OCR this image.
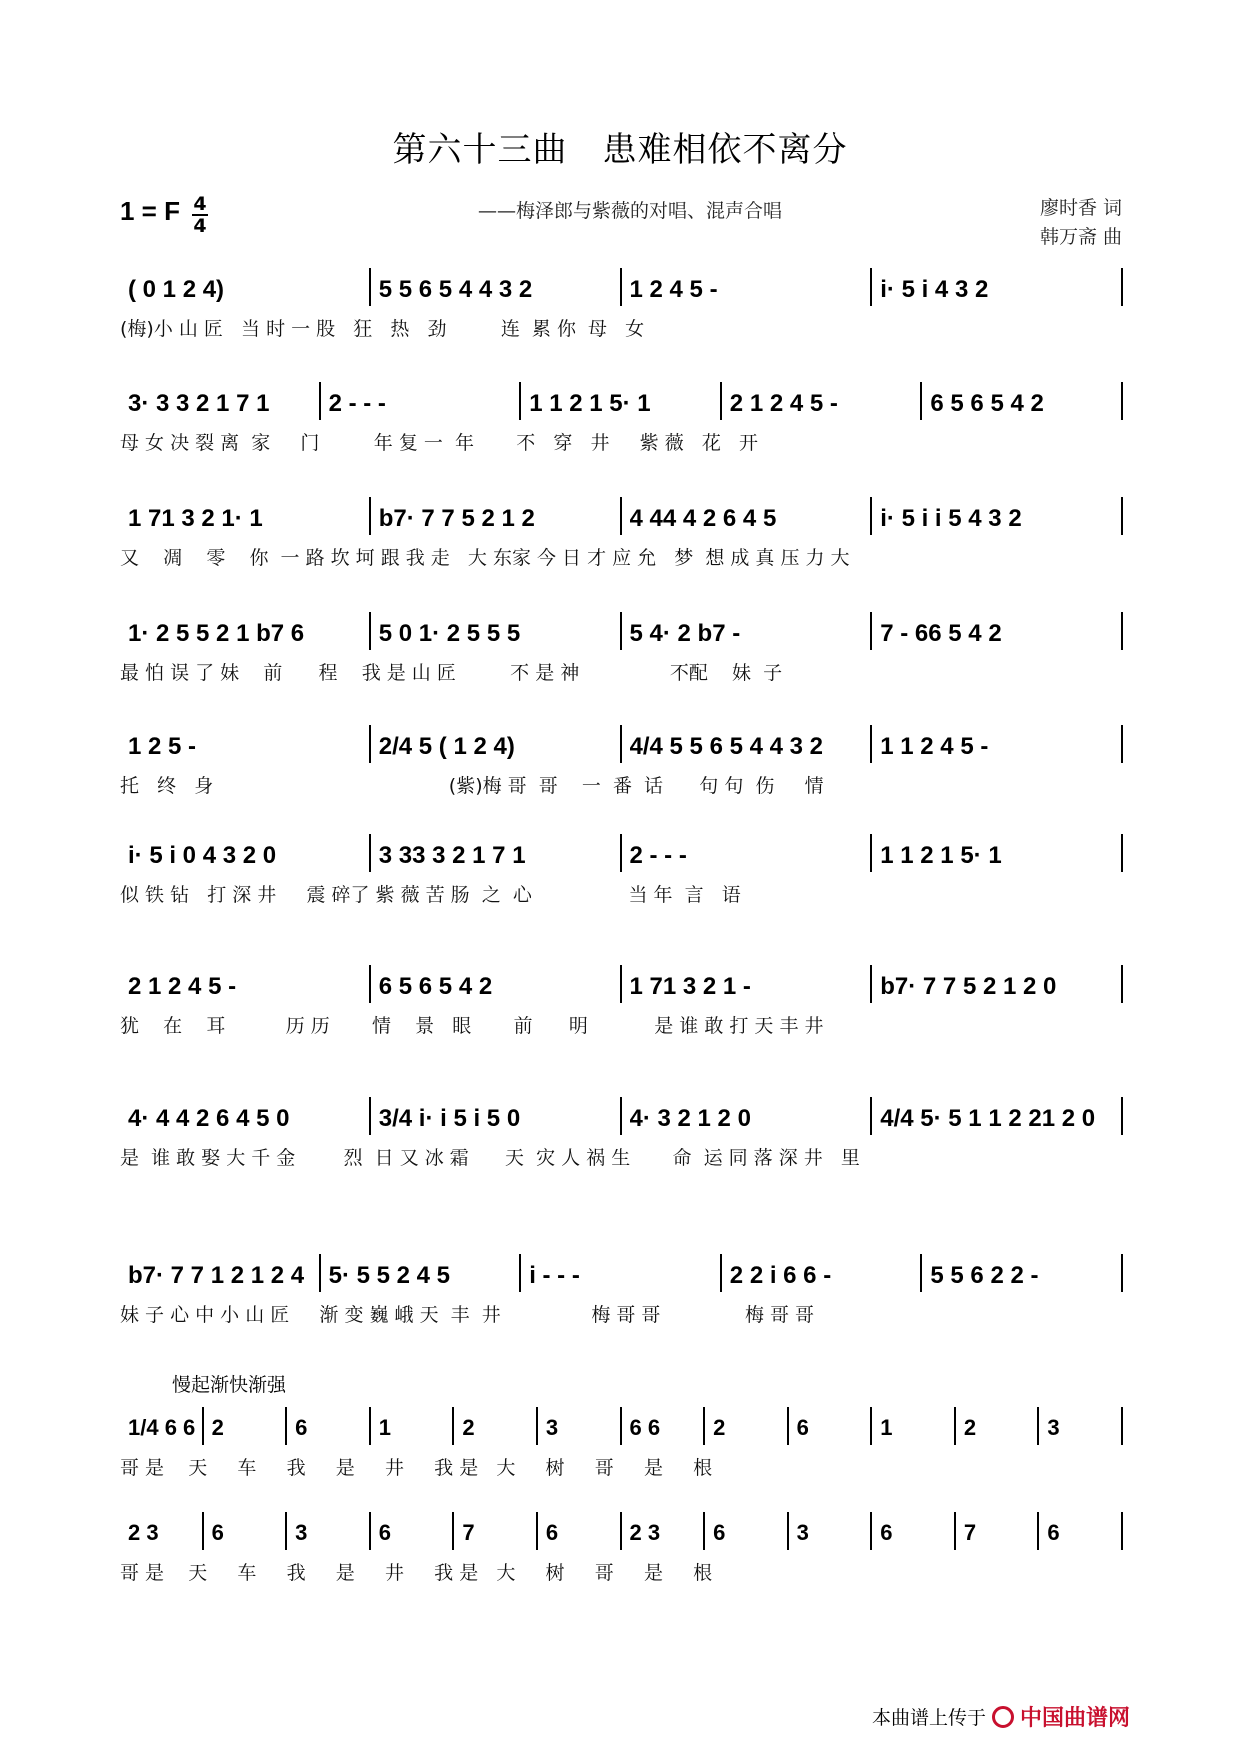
第六十三曲　患难相依不离分
1 = F 4
4
——梅泽郎与紫薇的对唱、混声合唱	廖时香 词
韩万斋 曲
慢起渐快渐强
( 0 1 2 4)	5 5 6 5 4 4 3 2	1 2 4 5 -	i· 5 i 4 3 2
(梅)小 山 匠   当 时 一 股   狂   热   劲         连  累 你  母   女
3· 3 3 2 1 7 1 2 - - -	1 1 2 1 5· 1	2 1 2 4 5 -	6 5 6 5 4 2
母 女 决 裂 离  家     门         年 复 一  年       不   穿   井     紫 薇   花   开
1 71 3 2 1· 1	b7· 7 7 5 2 1 2	4 44 4 2 6 4 5	i· 5 i i 5 4 3 2
又    凋    零    你  一 路 坎 坷 跟 我 走   大 东家 今 日 才 应 允   梦  想 成 真 压 力 大
1· 2 5 5 2 1 b7 6	5 0 1· 2 5 5 5	5 4· 2 b7 -	7 - 66 5 4 2
最 怕 误 了 妹    前      程    我 是 山 匠         不 是 神               不配    妹  子
1 2 5 -	2/4 5 ( 1 2 4)	4/4 5 5 6 5 4 4 3 2 1 1 2 4 5 -
托   终   身                                       (紫)梅 哥  哥    一  番  话      句 句  伤     情
i· 5 i 0 4 3 2 0	3 33 3 2 1 7 1	2 - - -	1 1 2 1 5· 1
似 铁 钻   打 深 井     震 碎了 紫 薇 苦 肠  之  心                当 年  言   语
2 1 2 4 5 -	6 5 6 5 4 2	1 71 3 2 1 -	b7· 7 7 5 2 1 2 0
犹    在    耳          历 历       情    景   眼       前      明           是 谁 敢 打 天 丰 井
4· 4 4 2 6 4 5 0	3/4 i· i 5 i 5 0	4· 3 2 1 2 0	4/4 5· 5 1 1 2 21 2 0
是  谁 敢 娶 大 千 金        烈  日 又 冰 霜      天  灾 人 祸 生       命  运 同 落 深 井   里
b7· 7 7 1 2 1 2 4 5· 5 5 2 4 5	i - - -	2 2 i 6 6 -	5 5 6 2 2 -
妹 子 心 中 小 山 匠     渐 变 巍 峨 天  丰  井               梅 哥 哥              梅 哥 哥
1/4 6 6 2	6	1	2	3	6 6 2	6	1	2	3
哥 是    天     车     我     是     井     我 是   大     树     哥     是     根
2 3 6	3	6	7	6	2 3 6	3	6	7	6
哥 是    天     车     我     是     井     我 是   大     树     哥     是     根
本曲谱上传于 中国曲谱网
